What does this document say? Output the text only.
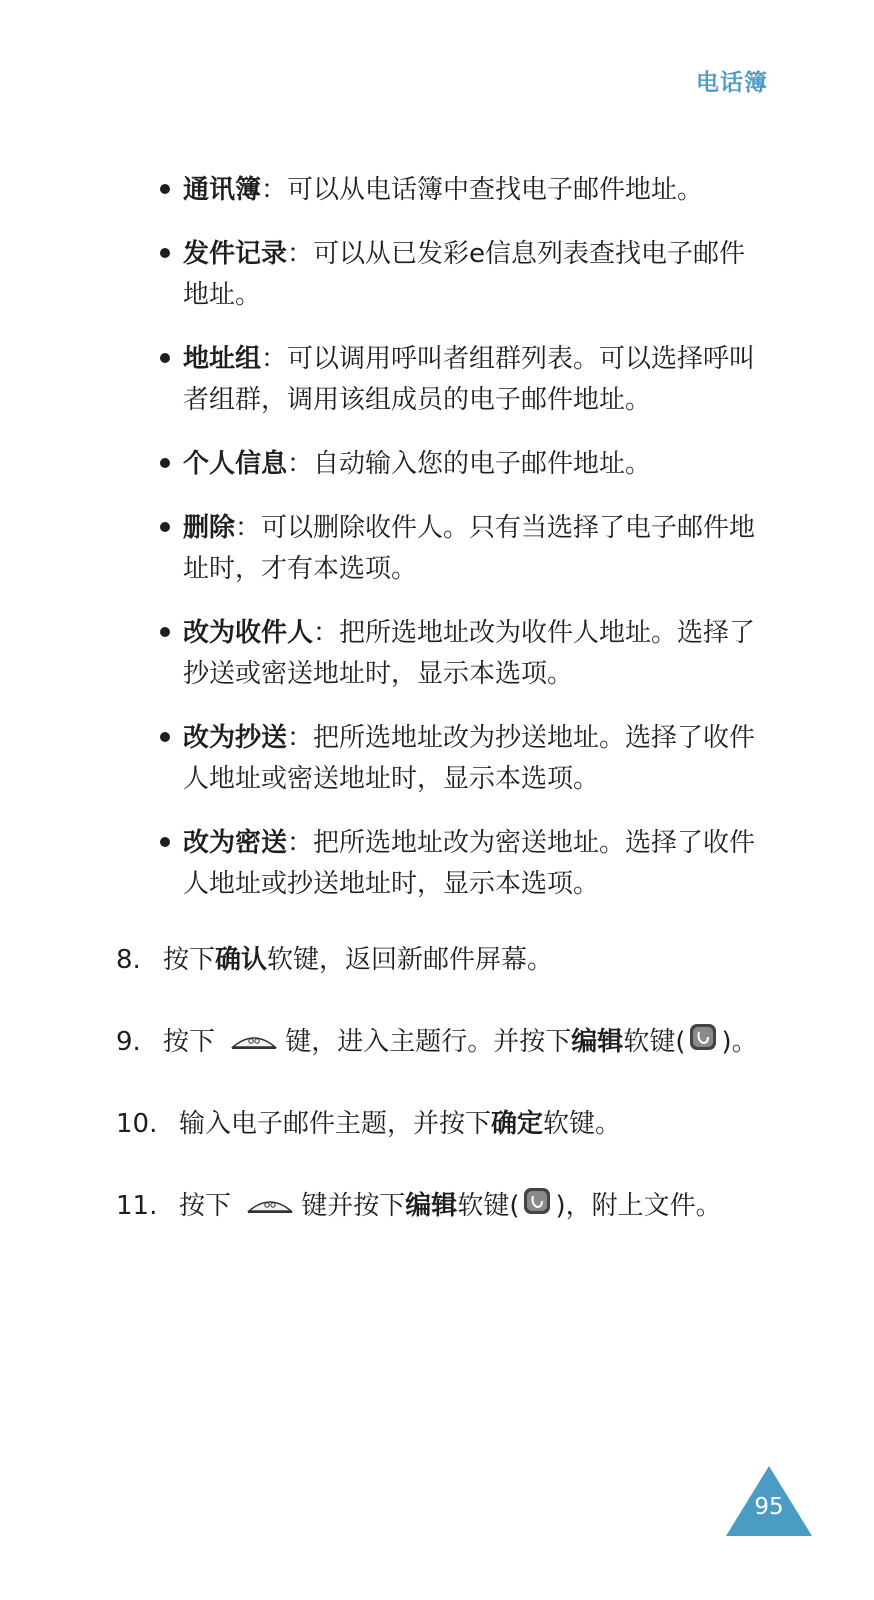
电话簿
通讯簿：可以从电话簿中查找电子邮件地址。
发件记录：可以从已发彩e信息列表查找电子邮件地址。
地址组：可以调用呼叫者组群列表。可以选择呼叫者组群，调用该组成员的电子邮件地址。
个人信息：自动输入您的电子邮件地址。
删除：可以删除收件人。只有当选择了电子邮件地址时，才有本选项。
改为收件人：把所选地址改为收件人地址。选择了抄送或密送地址时，显示本选项。
改为抄送：把所选地址改为抄送地址。选择了收件人地址或密送地址时，显示本选项。
改为密送：把所选地址改为密送地址。选择了收件人地址或抄送地址时，显示本选项。
8. 按下确认软键，返回新邮件屏幕。
9. 按下	键，进入主题行。并按下编辑软键( )。
10. 输入电子邮件主题，并按下确定软键。
11. 按下	键并按下编辑软键( )，附上文件。
95
